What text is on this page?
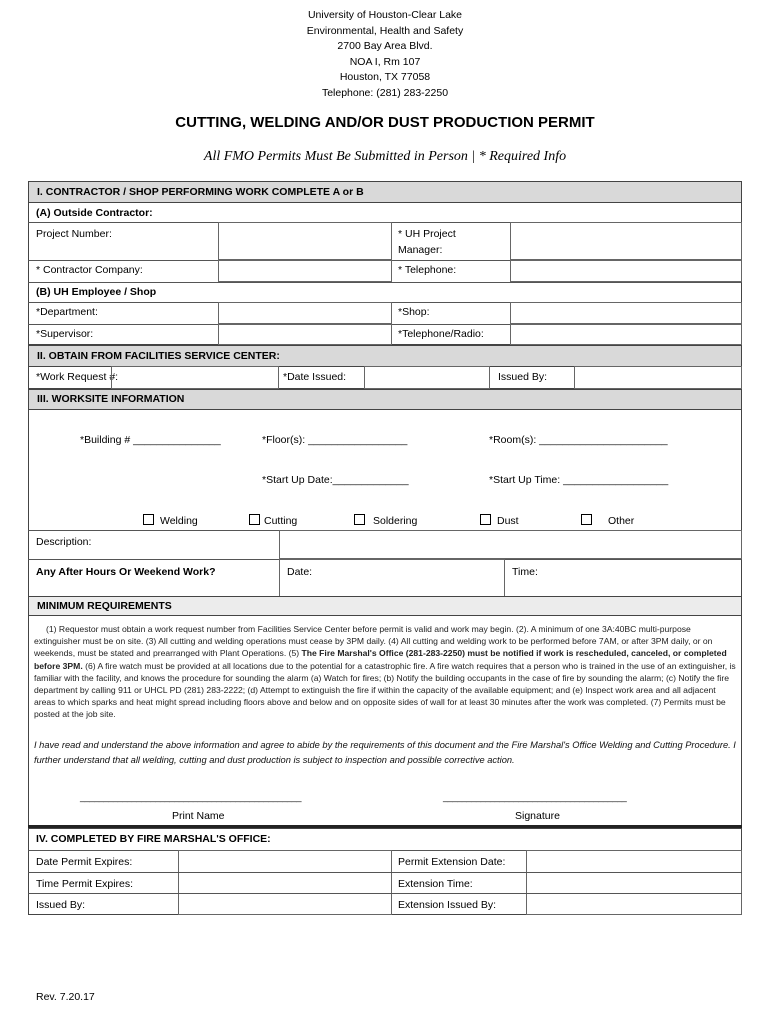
University of Houston-Clear Lake
Environmental, Health and Safety
2700 Bay Area Blvd.
NOA I, Rm 107
Houston, TX 77058
Telephone: (281) 283-2250
CUTTING, WELDING AND/OR DUST PRODUCTION PERMIT
All FMO Permits Must Be Submitted in Person | * Required Info
I. CONTRACTOR / SHOP PERFORMING WORK COMPLETE A or B
(A) Outside Contractor:
Project Number:	* UH Project
Manager:
* Contractor Company:	* Telephone:
(B) UH Employee / Shop
*Department:	*Shop:
*Supervisor:	*Telephone/Radio:
II. OBTAIN FROM FACILITIES SERVICE CENTER:
*Work Request #:	*Date Issued:	Issued By:
III. WORKSITE INFORMATION
*Building # _______________	*Floor(s): _________________	*Room(s): ______________________
*Start Up Date:_____________	*Start Up Time: __________________
Welding	Cutting	Soldering	Dust	Other
Description:
Any After Hours Or Weekend Work?	Date:	Time:
MINIMUM REQUIREMENTS
(1) Requestor must obtain a work request number from Facilities Service Center before permit is valid and work may begin. (2). A minimum of one 3A:40BC multi-purpose extinguisher must be on site. (3) All cutting and welding operations must cease by 3PM daily. (4) All cutting and welding work to be performed before 7AM, or after 3PM daily, or on weekends, must be stated and prearranged with Plant Operations. (5) The Fire Marshal's Office (281-283-2250) must be notified if work is rescheduled, canceled, or completed before 3PM. (6) A fire watch must be provided at all locations due to the potential for a catastrophic fire. A fire watch requires that a person who is trained in the use of an extinguisher, is familiar with the facility, and knows the procedure for sounding the alarm (a) Watch for fires; (b) Notify the building occupants in the case of fire by sounding the alarm; (c) Notify the fire department by calling 911 or UHCL PD (281) 283-2222; (d) Attempt to extinguish the fire if within the capacity of the available equipment; and (e) Inspect work area and all adjacent areas to which sparks and heat might spread including floors above and below and on opposite sides of wall for at least 30 minutes after the work was completed. (7) Permits must be posted at the job site.
I have read and understand the above information and agree to abide by the requirements of this document and the Fire Marshal's Office Welding and Cutting Procedure. I further understand that all welding, cutting and dust production is subject to inspection and possible corrective action.
_______________________________________________	_______________________________________
Print Name	Signature
IV. COMPLETED BY FIRE MARSHAL'S OFFICE:
Date Permit Expires:	Permit Extension Date:
Time Permit Expires:	Extension Time:
Issued By:	Extension Issued By:
Rev. 7.20.17
